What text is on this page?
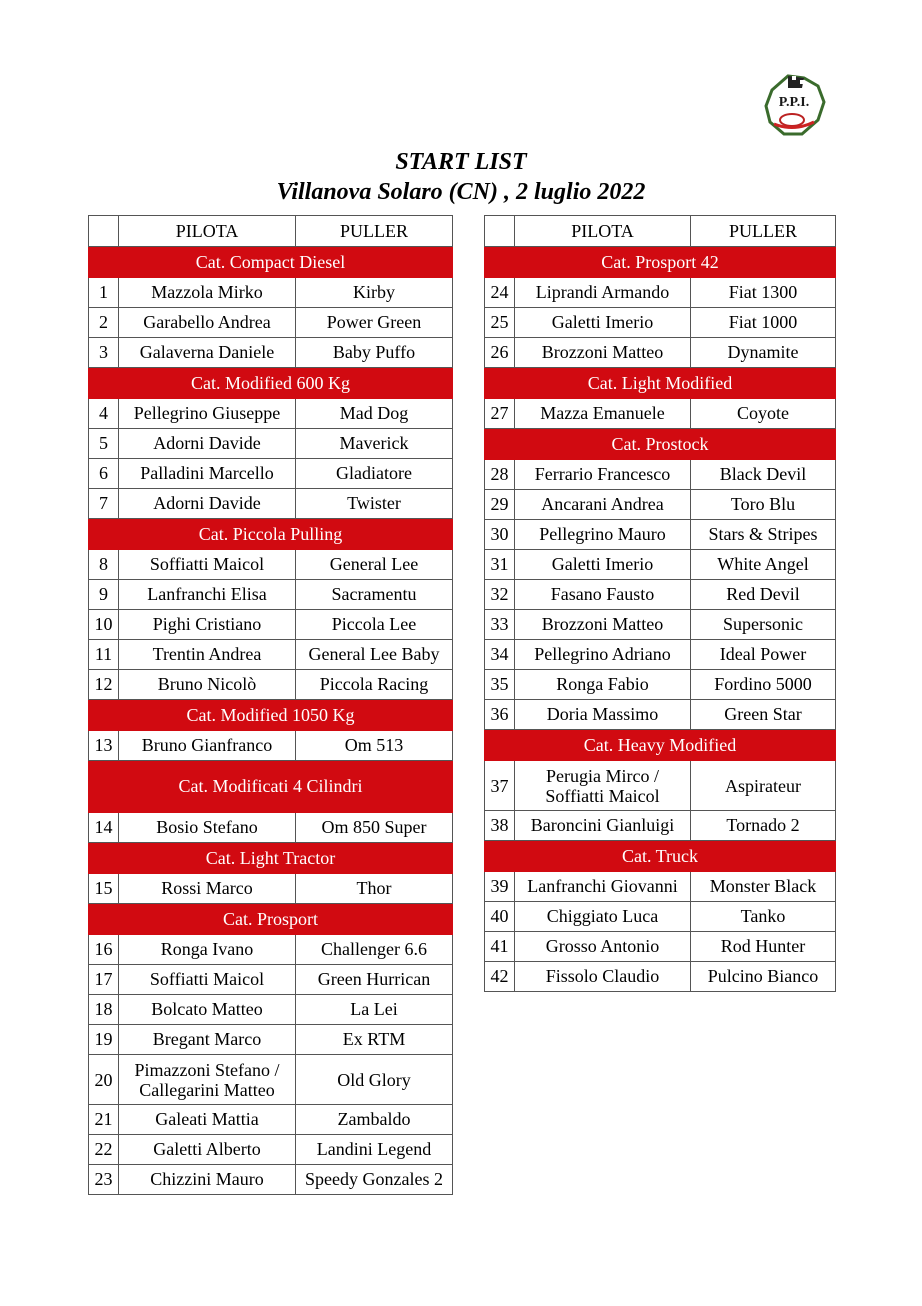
P.P.I.
START LIST
Villanova Solaro (CN) , 2 luglio 2022
	PILOTA	PULLER
Cat. Compact Diesel		
1	Mazzola Mirko	Kirby
2	Garabello Andrea	Power Green
3	Galaverna Daniele	Baby Puffo
Cat. Modified 600 Kg		
4	Pellegrino Giuseppe	Mad Dog
5	Adorni Davide	Maverick
6	Palladini Marcello	Gladiatore
7	Adorni Davide	Twister
Cat. Piccola Pulling		
8	Soffiatti Maicol	General Lee
9	Lanfranchi Elisa	Sacramentu
10	Pighi Cristiano	Piccola Lee
11	Trentin Andrea	General Lee Baby
12	Bruno Nicolò	Piccola Racing
Cat. Modified 1050 Kg		
13	Bruno Gianfranco	Om 513
Cat. Modificati 4 Cilindri		
14	Bosio Stefano	Om 850 Super
Cat. Light Tractor		
15	Rossi Marco	Thor
Cat. Prosport		
16	Ronga Ivano	Challenger 6.6
17	Soffiatti Maicol	Green Hurrican
18	Bolcato Matteo	La Lei
19	Bregant Marco	Ex RTM
20	Pimazzoni Stefano /
Callegarini Matteo	Old Glory
21	Galeati Mattia	Zambaldo
22	Galetti Alberto	Landini Legend
23	Chizzini Mauro	Speedy Gonzales 2
	PILOTA	PULLER
Cat. Prosport 42		
24	Liprandi Armando	Fiat 1300
25	Galetti Imerio	Fiat 1000
26	Brozzoni Matteo	Dynamite
Cat. Light Modified		
27	Mazza Emanuele	Coyote
Cat. Prostock		
28	Ferrario Francesco	Black Devil
29	Ancarani Andrea	Toro Blu
30	Pellegrino Mauro	Stars & Stripes
31	Galetti Imerio	White Angel
32	Fasano Fausto	Red Devil
33	Brozzoni Matteo	Supersonic
34	Pellegrino Adriano	Ideal Power
35	Ronga Fabio	Fordino 5000
36	Doria Massimo	Green Star
Cat. Heavy Modified		
37	Perugia Mirco /
Soffiatti Maicol	Aspirateur
38	Baroncini Gianluigi	Tornado 2
Cat. Truck		
39	Lanfranchi Giovanni	Monster Black
40	Chiggiato Luca	Tanko
41	Grosso Antonio	Rod Hunter
42	Fissolo Claudio	Pulcino Bianco
